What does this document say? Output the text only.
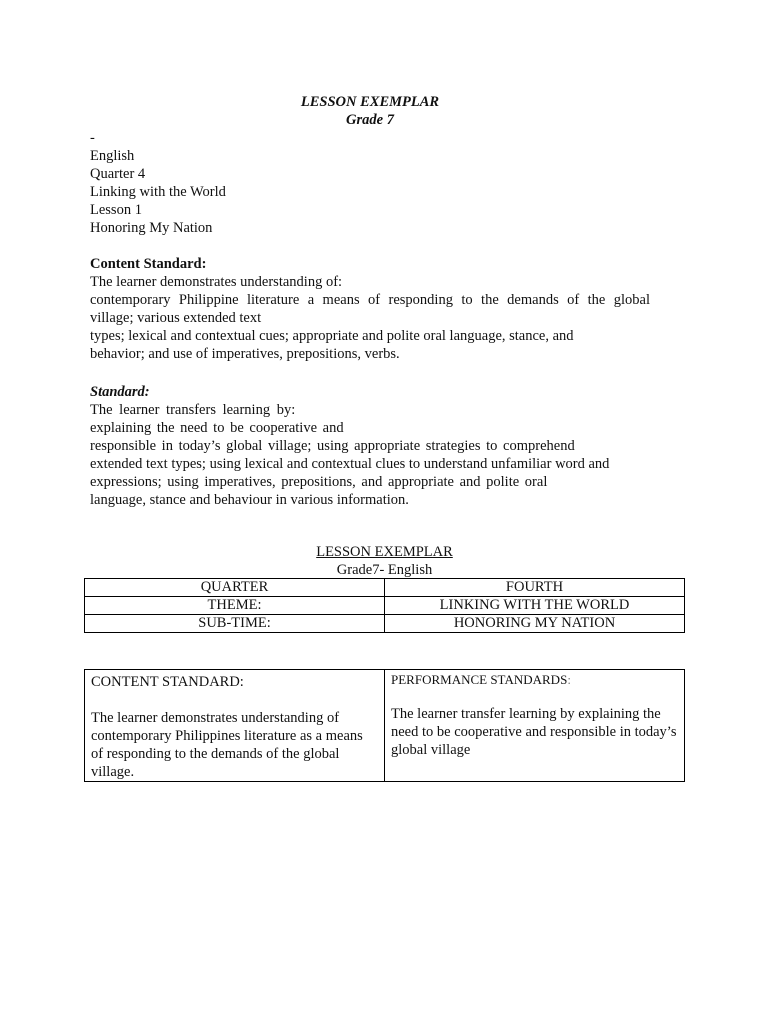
LESSON EXEMPLAR
Grade 7
-
English
Quarter 4
Linking with the World
Lesson 1
Honoring My Nation
Content Standard:
The learner demonstrates understanding of:
contemporary Philippine literature a means of responding to the demands of the global
village; various extended text
types; lexical and contextual cues; appropriate and polite oral language, stance, and
behavior; and use of imperatives, prepositions, verbs.
Standard:
The learner transfers learning by:
explaining the need to be cooperative and
responsible in today’s global village; using appropriate strategies to comprehend
extended text types; using lexical and contextual clues to understand unfamiliar word and
expressions; using imperatives, prepositions, and appropriate and polite oral
language, stance and behaviour in various information.
LESSON EXEMPLAR
Grade7- English
QUARTER	FOURTH
THEME:	LINKING WITH THE WORLD
SUB-TIME:	HONORING MY NATION
CONTENT STANDARD:
The learner demonstrates understanding of contemporary Philippines literature as a means of responding to the demands of the global village.

PERFORMANCE STANDARDS:
The learner transfer learning by explaining the need to be cooperative and responsible in today’s global village
